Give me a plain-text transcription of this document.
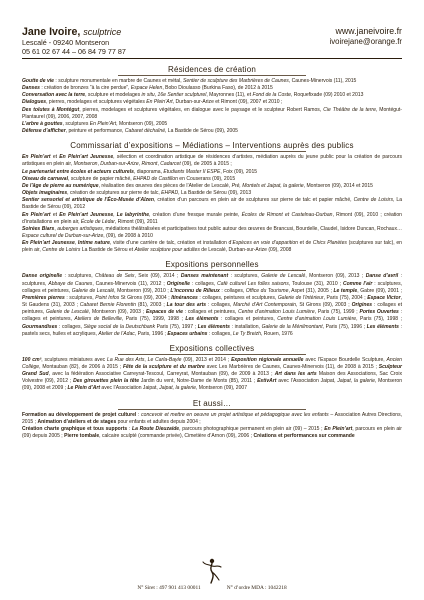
Jane Ivoire, sculptrice
Lescalé - 09240 Montseron
05 61 02 67 44 – 06 84 79 77 87
www.janeivoire.fr
ivoirejane@orange.fr
Résidences de création

Goutte de vie : sculpture monumentale en marbre de Caunes et métal, Sentier de sculpture des Marbrières de Caunes, Caunes-Minervois (11), 2015

Danses : création de bronzes “à la cire perdue”, Espace Helen, Bobo Dioulasso (Burkina Faso), de 2012 à 2015

Conversation avec la terre, sculpture et modelages in situ, 16e Sentier sculpturel, Mayronnes (11), et Fond de la Coste, Roquefixade (09) 2010 et 2013

Dialogues, pierres, modelages et sculptures végétales En Plein’Art, Durban-sur-Arize et Rimont (09), 2007 et 2010 ;

Des tolutes à Montégut, pierres, modelages et sculptures végétales, en dialogue avec le paysage et le sculpteur Robert Ramos, Cie Théâtre de la terre, Montégut-Plantaurel (09), 2006, 2007, 2008

L’arbre à gouttes, sculptures En Plein’Art, Montseron (09), 2005

Défense d’afficher, peinture et performance, Cabaret déchaîné, La Bastide de Sérou (09), 2005

Commissariat d’expositions – Médiations – Interventions auprès des publics

En Plein’art et En Plein’art Jeunesse, sélection et coordination artistique de résidences d’artistes, médiation auprès du jeune public pour la création de parcours artistiques en plein air, Montseron, Durban-sur-Arize, Rimont, Cadarcet (09), de 2005 à 2015 ;

Le partenariat entre écoles et acteurs culturels, diaporama, Etudiants Master II ESPE, Foix (09), 2015

Oiseau de carnaval, sculpture de papier mâché, EHPAD de Castillon en Couserans (09), 2015

De l’âge de pierre au numérique, réalisation des œuvres des pièces de l’Atelier de Lescalé, Pré, Montels et Jaipat, la galerie, Montseron (09), 2014 et 2015

Objets imaginaires, création de sculptures sur pierre de talc, EHPAD, La Bastide de Sérou (09), 2013

Sentier sensoriel et artistique de l’Éco-Musée d’Alzen, création d’un parcours en plein air de sculptures sur pierre de talc et papier mâché, Centre de Loisirs, La Bastide de Sérou (09), 2012

En Plein’art et En Plein’art Jeunesse, Le labyrinthe, création d’une fresque murale peinte, Écoles de Rimont et Castelnau-Durban, Rimont (09), 2010 ; création d’installations en plein air, École de Lédar, Rimont (09), 2011

Soirées Biars, auberges artistiques, médiations théâtralisées et participatives tout public autour des œuvres de Brancusi, Bourdelle, Claudel, Isidore Duncan, Rochaux… Espace culturel de Durban-sur-Arize, (09), de 2008 à 2010

En Plein’art Jeunesse, Intime nature, visite d’une carrière de talc, création et installation d’Espèces en voie d’apparition et de Chics Planètes (sculptures sur talc), en plein air, Centre de Loisirs La Bastide de Sérou et Atelier sculpture pour adultes de Lescalé, Durban-sur-Arize (09), 2008

Expositions personnelles

Danse originelle : sculptures, Château de Seix, Seix (09), 2014 ; Danses maintenant : sculptures, Galerie de Lescalé, Montseron (09), 2013 ; Danse d’avril : sculptures, Abbaye de Caunes, Caunes-Minervois (11), 2012 ; Originelle : collages, Café culturel Les folles saisons, Toulouse (31), 2010 ; Comme l’air : sculptures, collages et peintures, Galerie de Lescalé, Montseron (09), 2010 ; L’inconnu de Rilieux : collages, Office du Tourisme, Aspet (31), 2005 ; Le temple, Gabre (09), 2001 ; Premières pierres : sculptures, Point Infos St Girons (09), 2004 ; Itinérances : collages, peintures et sculptures, Galerie de l’Intérieur, Paris (75), 2004 ; Espace Victor, St Gaudens (31), 2003 ; Cabaret Bernie Florentin (81), 2003 ; La tour des arts : collages, Marché d’Art Contemporain, St Girons (09), 2003 ; Origines : collages et peintures, Galerie de Lescalé, Montseron (09), 2003 ; Espaces de vie : collages et peintures, Centre d’animation Louis Lumière, Paris (75), 1999 ; Portes Ouvertes : collages et peintures, Ateliers de Belleville, Paris (75), 1999, 1998 ; Les éléments : collages et peintures, Centre d’animation Louis Lumière, Paris (75), 1998 ; Gourmandises : collages, Siège social de la Deutschbank Paris (75), 1997 ; Les éléments : installation, Galerie de la Ménilmontant, Paris (75), 1996 ; Les éléments : pastels secs, huiles et acryliques, Atelier de l’Adac, Paris, 1996 ; Espaces urbains : collages, Le Ty Breizh, Rouen, 1976

Expositions collectives

100 cm², sculptures miniatures avec La Rue des Arts, Le Carla-Bayle (09), 2013 et 2014 ; Exposition régionale annuelle avec l’Espace Bourdelle Sculpture, Ancien Collège, Montauban (82), de 2006 à 2015 ; Fête de la sculpture et du marbre avec Les Marbrières de Caunes, Caunes-Minervois (11), de 2008 à 2015 ; Sculpteur Grand Sud, avec la fédération Associative Carreyrat-Tescoul, Carreyrat, Montauban (09), de 2009 à 2013 ; Art dans les arts Maison des Associations, Sac Croix Volvestre (09), 2012 ; Des girouettes plein la tête Jardin du vent, Notre-Dame de Monts (85), 2011 ; EstivArt avec l’Association Jaipat, Jaipat, la galerie, Montseron (09), 2008 et 2009 ; Le Plein d’Art avec l’Association Jaipat, Jaipat, la galerie, Montseron (09), 2007

Et aussi…

Formation au développement de projet culturel : concevoir et mettre en oeuvre un projet artistique et pédagogique avec les enfants – Association Autres Directions, 2015 ; Animation d’ateliers et de stages pour enfants et adultes depuis 2004 ;

Création charte graphique et tous supports : La Route Dieuzaide, parcours photographique permanent en plein air (09) – 2015 ; En Plein’art, parcours en plein air (09) depuis 2005 ; Pierre tombale, calcaire sculpté (commande privée), Cimetière d’Arnon (09), 2006 ; Créations et performances sur commande

N° Siret : 497 901 413 00011	N° d’ordre MDA : 1042218
